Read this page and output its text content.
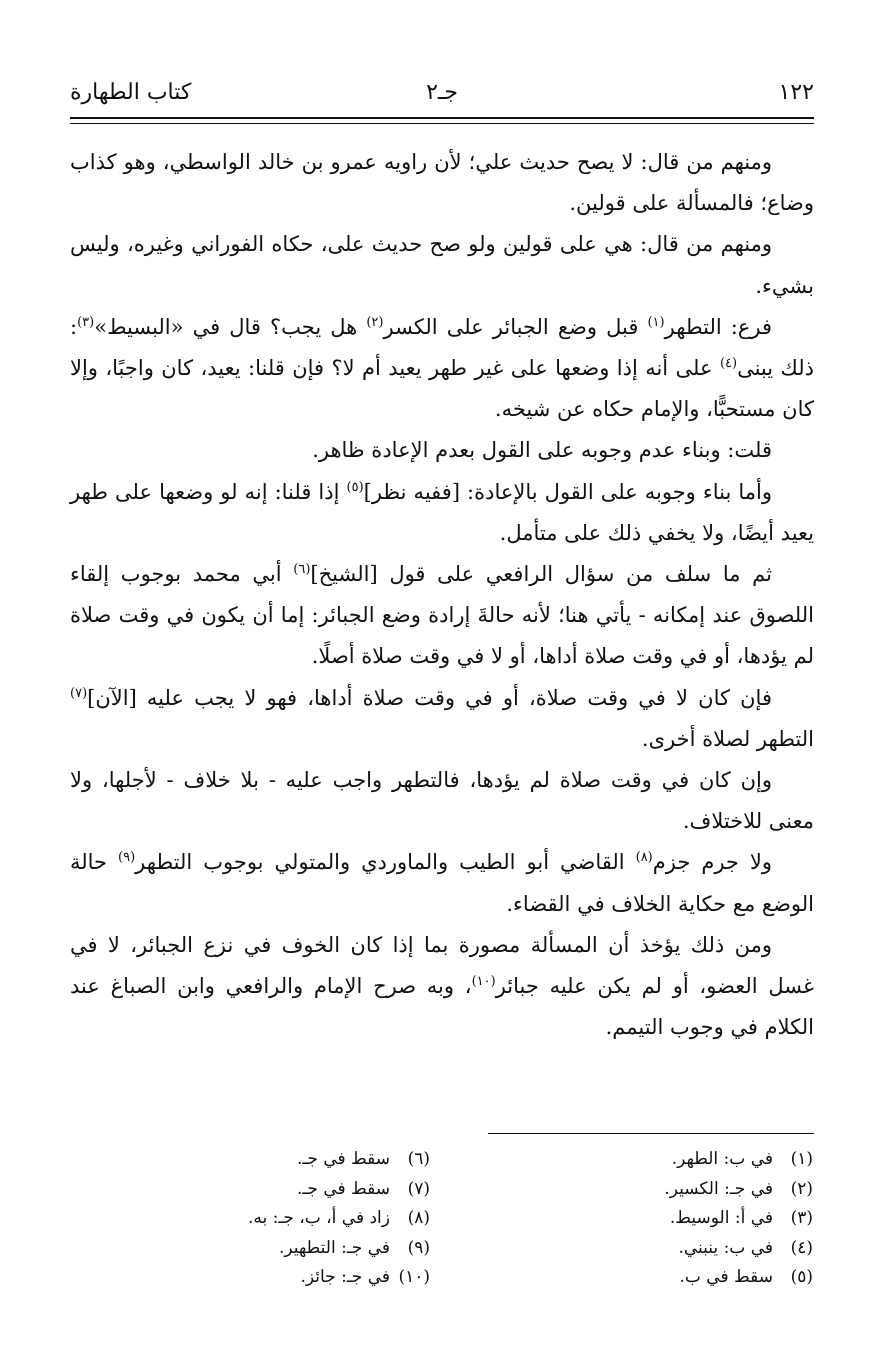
١٢٢
جـ٢
كتاب الطهارة

ومنهم من قال: لا يصح حديث علي؛ لأن راويه عمرو بن خالد الواسطي، وهو كذاب وضاع؛ فالمسألة على قولين.

ومنهم من قال: هي على قولين ولو صح حديث على، حكاه الفوراني وغيره، وليس بشيء.

فرع: التطهر$^{(١)}$ قبل وضع الجبائر على الكسر$^{(٢)}$ هل يجب؟ قال في «البسيط»$^{(٣)}$: ذلك يبنى$^{(٤)}$ على أنه إذا وضعها على غير طهر يعيد أم لا؟ فإن قلنا: يعيد، كان واجبًا، وإلا كان مستحبًّا، والإمام حكاه عن شيخه.

قلت: وبناء عدم وجوبه على القول بعدم الإعادة ظاهر.

وأما بناء وجوبه على القول بالإعادة: [ففيه نظر]$^{(٥)}$ إذا قلنا: إنه لو وضعها على طهر يعيد أيضًا، ولا يخفي ذلك على متأمل.

ثم ما سلف من سؤال الرافعي على قول [الشيخ]$^{(٦)}$ أبي محمد بوجوب إلقاء اللصوق عند إمكانه - يأتي هنا؛ لأنه حالةَ إرادة وضع الجبائر: إما أن يكون في وقت صلاة لم يؤدها، أو في وقت صلاة أداها، أو لا في وقت صلاة أصلًا.

فإن كان لا في وقت صلاة، أو في وقت صلاة أداها، فهو لا يجب عليه [الآن]$^{(٧)}$ التطهر لصلاة أخرى.

وإن كان في وقت صلاة لم يؤدها، فالتطهر واجب عليه - بلا خلاف - لأجلها، ولا معنى للاختلاف.

ولا جرم جزم$^{(٨)}$ القاضي أبو الطيب والماوردي والمتولي بوجوب التطهر$^{(٩)}$ حالة الوضع مع حكاية الخلاف في القضاء.

ومن ذلك يؤخذ أن المسألة مصورة بما إذا كان الخوف في نزع الجبائر، لا في غسل العضو، أو لم يكن عليه جبائر$^{(١٠)}$، وبه صرح الإمام والرافعي وابن الصباغ عند الكلام في وجوب التيمم.

(١)
في ب: الطهر.
(٢)
في جـ: الكسير.
(٣)
في أ: الوسيط.
(٤)
في ب: ينبني.
(٥)
سقط في ب.
(٦)
سقط في جـ.
(٧)
سقط في جـ.
(٨)
زاد في أ، ب، جـ: به.
(٩)
في جـ: التطهير.
(١٠)
في جـ: جائز.
